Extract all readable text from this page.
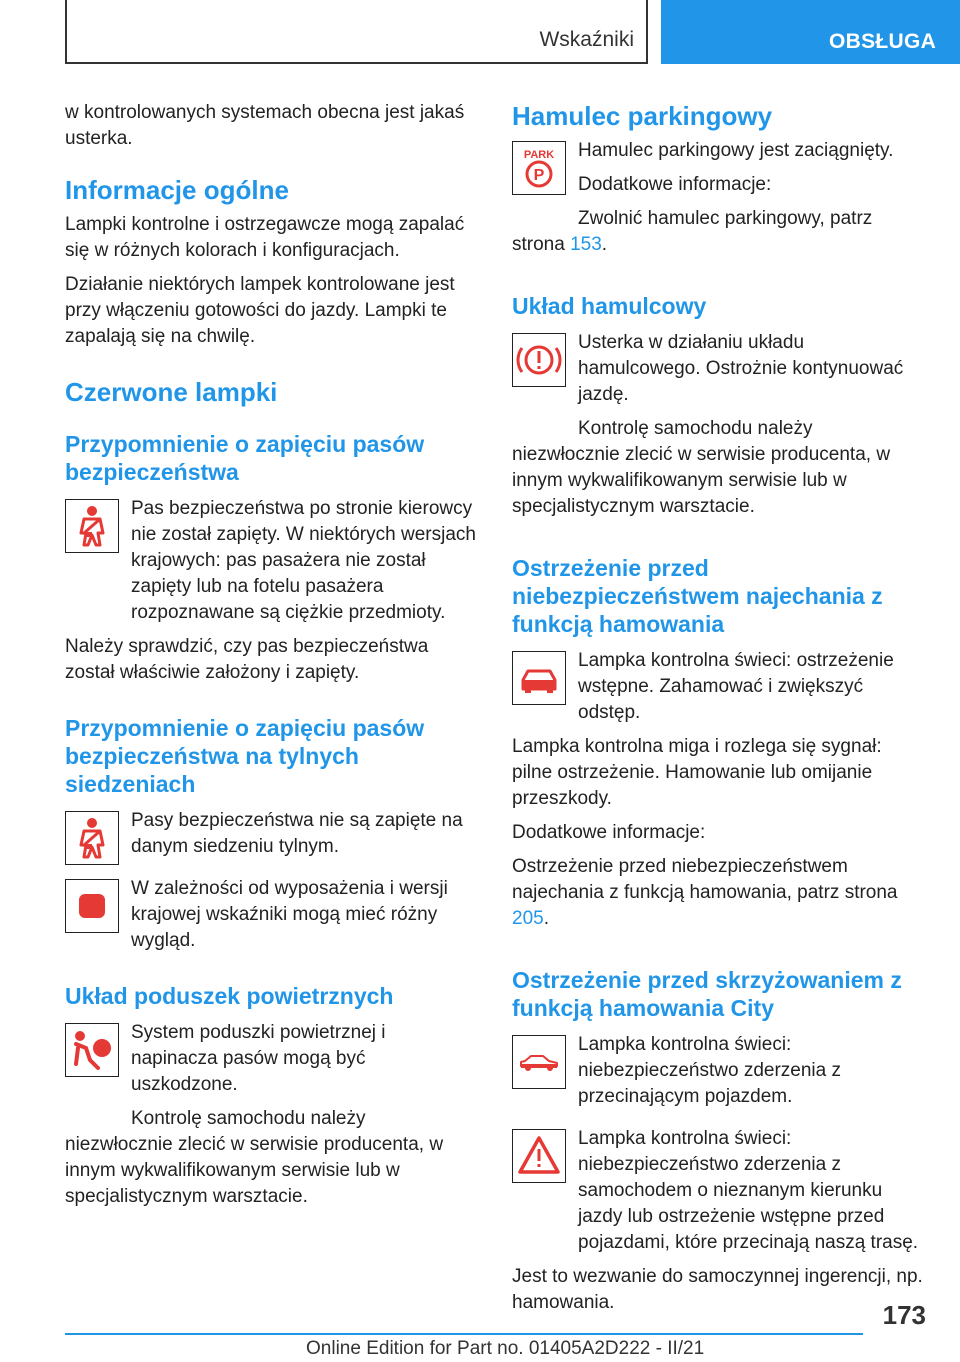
Wskaźniki	OBSŁUGA

w kontrolowanych systemach obecna jest jakaś usterka.

Informacje ogólne

Lampki kontrolne i ostrzegawcze mogą zapalać się w różnych kolorach i konfiguracjach.

Działanie niektórych lampek kontrolowane jest przy włączeniu gotowości do jazdy. Lampki te zapalają się na chwilę.

Czerwone lampki
Przypomnienie o zapięciu pasów bezpieczeństwa

Pas bezpieczeństwa po stronie kierowcy nie został zapięty. W niektórych wersjach krajowych: pas pasażera nie został zapięty lub na fotelu pasażera rozpoznawane są ciężkie przedmioty.

Należy sprawdzić, czy pas bezpieczeństwa został właściwie założony i zapięty.

Przypomnienie o zapięciu pasów bezpieczeństwa na tylnych siedzeniach

Pasy bezpieczeństwa nie są zapięte na danym siedzeniu tylnym.

W zależności od wyposażenia i wersji krajowej wskaźniki mogą mieć różny wygląd.

Układ poduszek powietrznych

System poduszki powietrznej i napinacza pasów mogą być uszkodzone.

Kontrolę samochodu należy niezwłocznie zlecić w serwisie producenta, w innym wykwalifikowanym serwisie lub w specjalistycznym warsztacie.

Hamulec parkingowy
PARK
P

Hamulec parkingowy jest zaciągnięty.

Dodatkowe informacje:

Zwolnić hamulec parkingowy, patrz strona 153.

Układ hamulcowy

Usterka w działaniu układu hamulcowego. Ostrożnie kontynuować jazdę.

Kontrolę samochodu należy niezwłocznie zlecić w serwisie producenta, w innym wykwalifikowanym serwisie lub w specjalistycznym warsztacie.

Ostrzeżenie przed niebezpieczeństwem najechania z funkcją hamowania

Lampka kontrolna świeci: ostrzeżenie wstępne. Zahamować i zwiększyć odstęp.

Lampka kontrolna miga i rozlega się sygnał: pilne ostrzeżenie. Hamowanie lub omijanie przeszkody.

Dodatkowe informacje:

Ostrzeżenie przed niebezpieczeństwem najechania z funkcją hamowania, patrz strona 205.

Ostrzeżenie przed skrzyżowaniem z funkcją hamowania City

Lampka kontrolna świeci: niebezpieczeństwo zderzenia z przecinającym pojazdem.

Lampka kontrolna świeci: niebezpieczeństwo zderzenia z samochodem o nieznanym kierunku jazdy lub ostrzeżenie wstępne przed pojazdami, które przecinają naszą trasę.

Jest to wezwanie do samoczynnej ingerencji, np. hamowania.	173
Online Edition for Part no. 01405A2D222 - II/21
